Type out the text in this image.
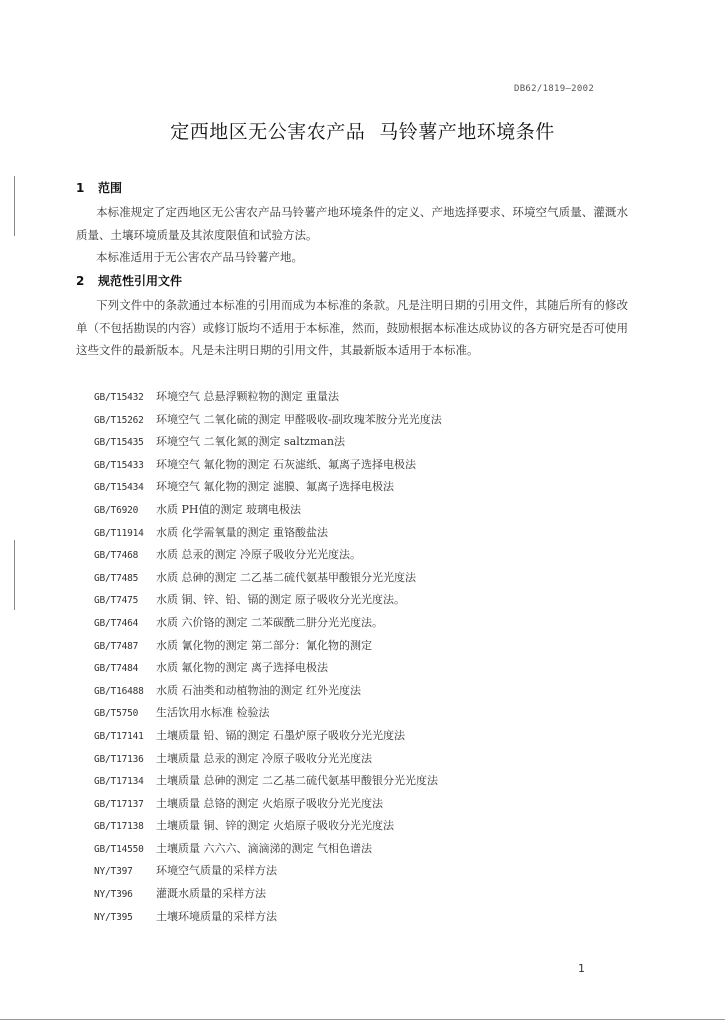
DB62/1819—2002
定西地区无公害农产品 马铃薯产地环境条件
1 范围
本标准规定了定西地区无公害农产品马铃薯产地环境条件的定义、产地选择要求、环境空气质量、灌溉水质量、土壤环境质量及其浓度限值和试验方法。
本标准适用于无公害农产品马铃薯产地。
2 规范性引用文件
下列文件中的条款通过本标准的引用而成为本标准的条款。凡是注明日期的引用文件，其随后所有的修改单（不包括勘误的内容）或修订版均不适用于本标准，然而，鼓励根据本标准达成协议的各方研究是否可使用这些文件的最新版本。凡是未注明日期的引用文件，其最新版本适用于本标准。
GB/T15432 环境空气 总悬浮颗粒物的测定 重量法
GB/T15262 环境空气 二氧化硫的测定 甲醛吸收-副玫瑰苯胺分光光度法
GB/T15435 环境空气 二氧化氮的测定 saltzman法
GB/T15433 环境空气 氟化物的测定 石灰滤纸、氟离子选择电极法
GB/T15434 环境空气 氟化物的测定 滤膜、氟离子选择电极法
GB/T6920 水质 PH值的测定 玻璃电极法
GB/T11914 水质 化学需氧量的测定 重铬酸盐法
GB/T7468 水质 总汞的测定 冷原子吸收分光光度法。
GB/T7485 水质 总砷的测定 二乙基二硫代氨基甲酸银分光光度法
GB/T7475 水质 铜、锌、铅、镉的测定 原子吸收分光光度法。
GB/T7464 水质 六价铬的测定 二苯碳酰二肼分光光度法。
GB/T7487 水质 氰化物的测定 第二部分：氰化物的测定
GB/T7484 水质 氟化物的测定 离子选择电极法
GB/T16488 水质 石油类和动植物油的测定 红外光度法
GB/T5750 生活饮用水标准 检验法
GB/T17141 土壤质量 铅、镉的测定 石墨炉原子吸收分光光度法
GB/T17136 土壤质量 总汞的测定 冷原子吸收分光光度法
GB/T17134 土壤质量 总砷的测定 二乙基二硫代氨基甲酸银分光光度法
GB/T17137 土壤质量 总铬的测定 火焰原子吸收分光光度法
GB/T17138 土壤质量 铜、锌的测定 火焰原子吸收分光光度法
GB/T14550 土壤质量 六六六、滴滴涕的测定 气相色谱法
NY/T397 环境空气质量的采样方法
NY/T396 灌溉水质量的采样方法
NY/T395 土壤环境质量的采样方法
1
